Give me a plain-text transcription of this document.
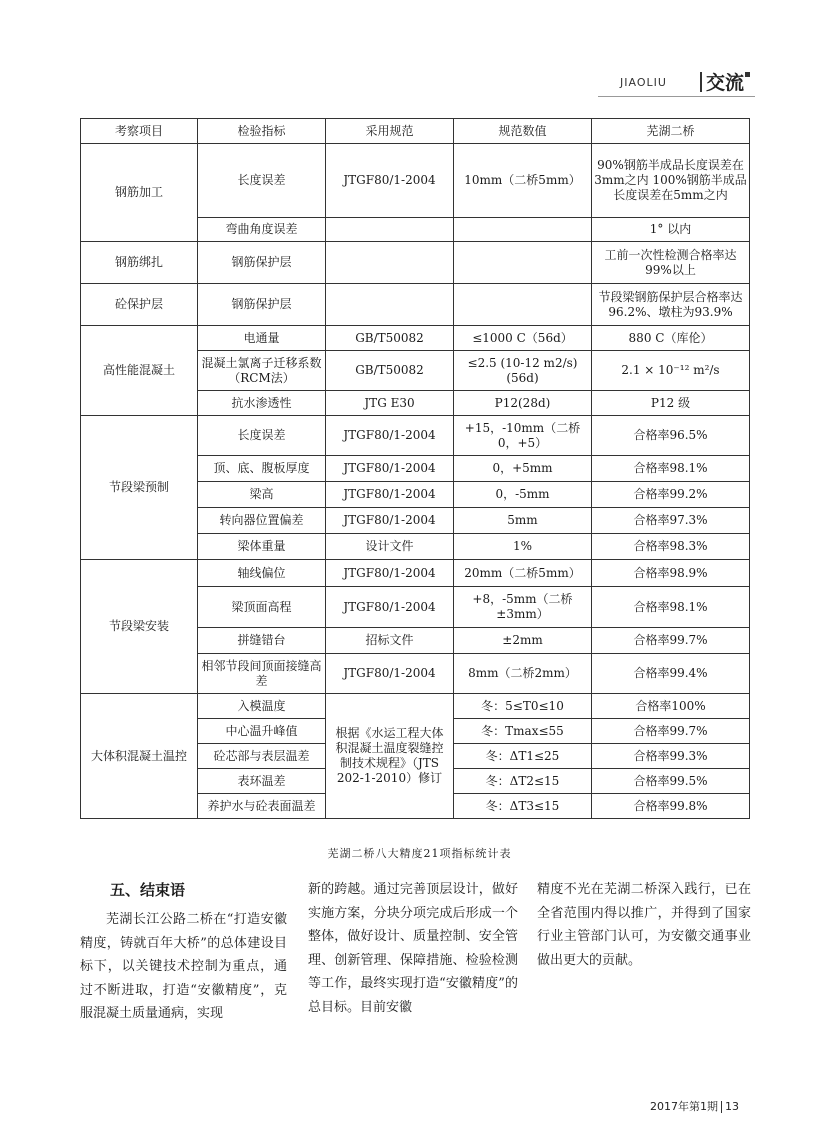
JIAOLIU 交流
考察项目	检验指标	采用规范	规范数值	芜湖二桥
钢筋加工	长度误差	JTGF80/1-2004	10mm（二桥5mm）	90%钢筋半成品长度误差在3mm之内 100%钢筋半成品长度误差在5mm之内
	弯曲角度误差			1° 以内
钢筋绑扎	钢筋保护层			工前一次性检测合格率达99%以上
砼保护层	钢筋保护层			节段梁钢筋保护层合格率达96.2%、墩柱为93.9%
高性能混凝土	电通量	GB/T50082	≤1000 C（56d）	880 C（库伦）
	混凝土氯离子迁移系数（RCM法）	GB/T50082	≤2.5 (10-12 m2/s)(56d)	2.1 × 10⁻¹² m²/s
	抗水渗透性	JTG E30	P12(28d)	P12 级
节段梁预制	长度误差	JTGF80/1-2004	+15，-10mm（二桥0，+5）	合格率96.5%
	顶、底、腹板厚度	JTGF80/1-2004	0，+5mm	合格率98.1%
	梁高	JTGF80/1-2004	0，-5mm	合格率99.2%
	转向器位置偏差	JTGF80/1-2004	5mm	合格率97.3%
	梁体重量	设计文件	1%	合格率98.3%
节段梁安装	轴线偏位	JTGF80/1-2004	20mm（二桥5mm）	合格率98.9%
	梁顶面高程	JTGF80/1-2004	+8，-5mm（二桥±3mm）	合格率98.1%
	拼缝错台	招标文件	±2mm	合格率99.7%
	相邻节段间顶面接缝高差	JTGF80/1-2004	8mm（二桥2mm）	合格率99.4%
大体积混凝土温控	入模温度	根据《水运工程大体积混凝土温度裂缝控制技术规程》（JTS 202-1-2010）修订	冬：5≤T0≤10	合格率100%
	中心温升峰值		冬：Tmax≤55	合格率99.7%
	砼芯部与表层温差		冬：ΔT1≤25	合格率99.3%
	表环温差		冬：ΔT2≤15	合格率99.5%
	养护水与砼表面温差		冬：ΔT3≤15	合格率99.8%
芜湖二桥八大精度21项指标统计表
五、结束语

芜湖长江公路二桥在“打造安徽精度，铸就百年大桥”的总体建设目标下，以关键技术控制为重点，通过不断进取，打造“安徽精度”，克服混凝土质量通病，实现

新的跨越。通过完善顶层设计，做好实施方案，分块分项完成后形成一个整体，做好设计、质量控制、安全管理、创新管理、保障措施、检验检测等工作，最终实现打造“安徽精度”的总目标。目前安徽

精度不光在芜湖二桥深入践行，已在全省范围内得以推广，并得到了国家行业主管部门认可，为安徽交通事业做出更大的贡献。

2017年第1期 13
